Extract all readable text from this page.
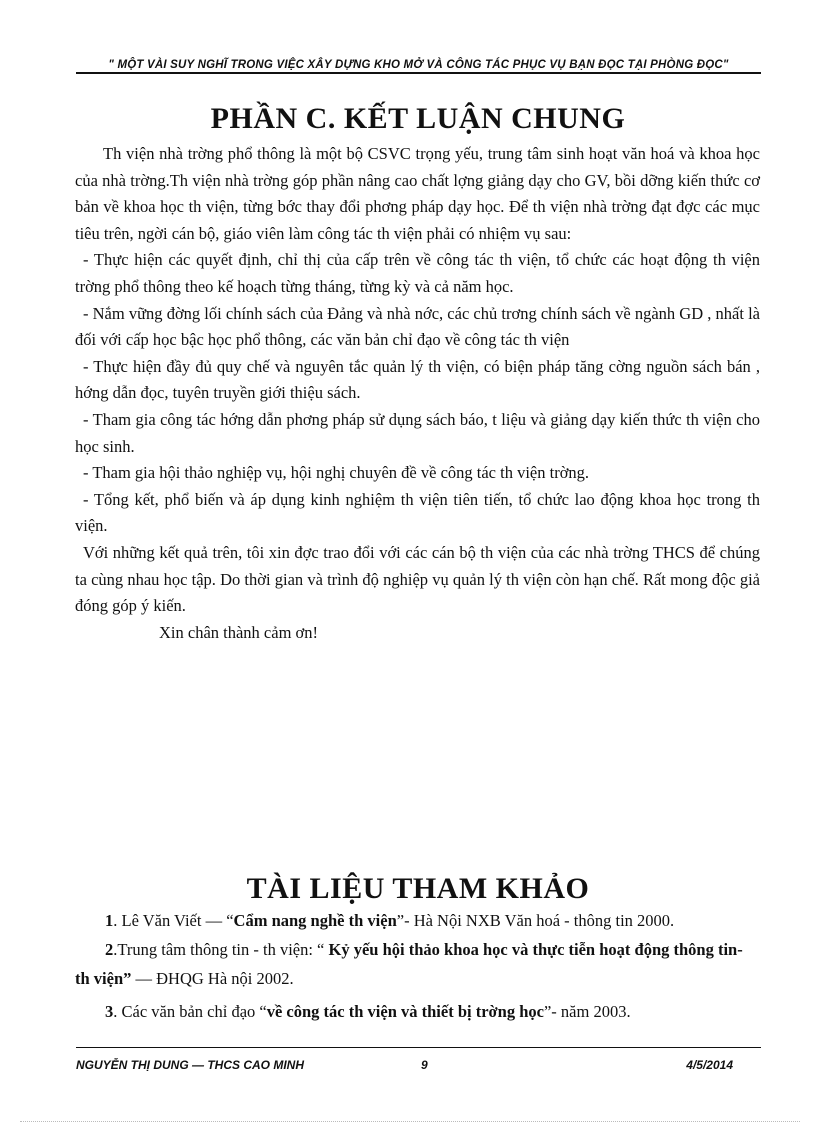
" MỘT VÀI SUY NGHĨ TRONG VIỆC XÂY DỰNG KHO MỞ VÀ CÔNG TÁC PHỤC VỤ BẠN ĐỌC TẠI PHÒNG ĐỌC"
PHẦN C. KẾT LUẬN CHUNG

Th viện nhà trờng phổ thông là một bộ CSVC trọng yếu, trung tâm sinh hoạt văn hoá và khoa học của nhà trờng.Th viện nhà trờng góp phần nâng cao chất lợng giảng dạy cho GV, bồi dỡng kiến thức cơ bản về khoa học th viện, từng bớc thay đổi phơng pháp dạy học. Để th viện nhà trờng đạt đợc các mục tiêu trên, ngời cán bộ, giáo viên làm công tác th viện phải có nhiệm vụ sau:

- Thực hiện các quyết định, chỉ thị của cấp trên về công tác th viện, tổ chức các hoạt động th viện trờng phổ thông theo kế hoạch từng tháng, từng kỳ và cả năm học.

- Nắm vững đờng lối chính sách của Đảng và nhà nớc, các chủ trơng chính sách về ngành GD , nhất là đối với cấp học bậc học phổ thông, các văn bản chỉ đạo về công tác th viện

- Thực hiện đầy đủ quy chế và nguyên tắc quản lý th viện, có biện pháp tăng cờng nguồn sách bán , hớng dẫn đọc, tuyên truyền giới thiệu sách.

- Tham gia công tác hớng dẫn phơng pháp sử dụng sách báo, t liệu và giảng dạy kiến thức th viện cho học sinh.

- Tham gia hội thảo nghiệp vụ, hội nghị chuyên đề về công tác th viện trờng.

- Tổng kết, phổ biến và áp dụng kinh nghiệm th viện tiên tiến, tổ chức lao động khoa học trong th viện.

Với những kết quả trên, tôi xin đợc trao đổi với các cán bộ th viện của các nhà trờng THCS để chúng ta cùng nhau học tập. Do thời gian và trình độ nghiệp vụ quản lý th viện còn hạn chế. Rất mong độc giả đóng góp ý kiến.

Xin chân thành cảm ơn!

TÀI LIỆU THAM KHẢO

1. Lê Văn Viết — “Cẩm nang nghề th viện”- Hà Nội NXB Văn hoá - thông tin 2000.

2.Trung tâm thông tin - th viện: “ Kỷ yếu hội thảo khoa học và thực tiễn hoạt động thông tin- th viện” — ĐHQG Hà nội 2002.

3. Các văn bản chỉ đạo “về công tác th viện và thiết bị trờng học”- năm 2003.

NGUYỄN THỊ DUNG — THCS CAO MINH	9	4/5/2014
